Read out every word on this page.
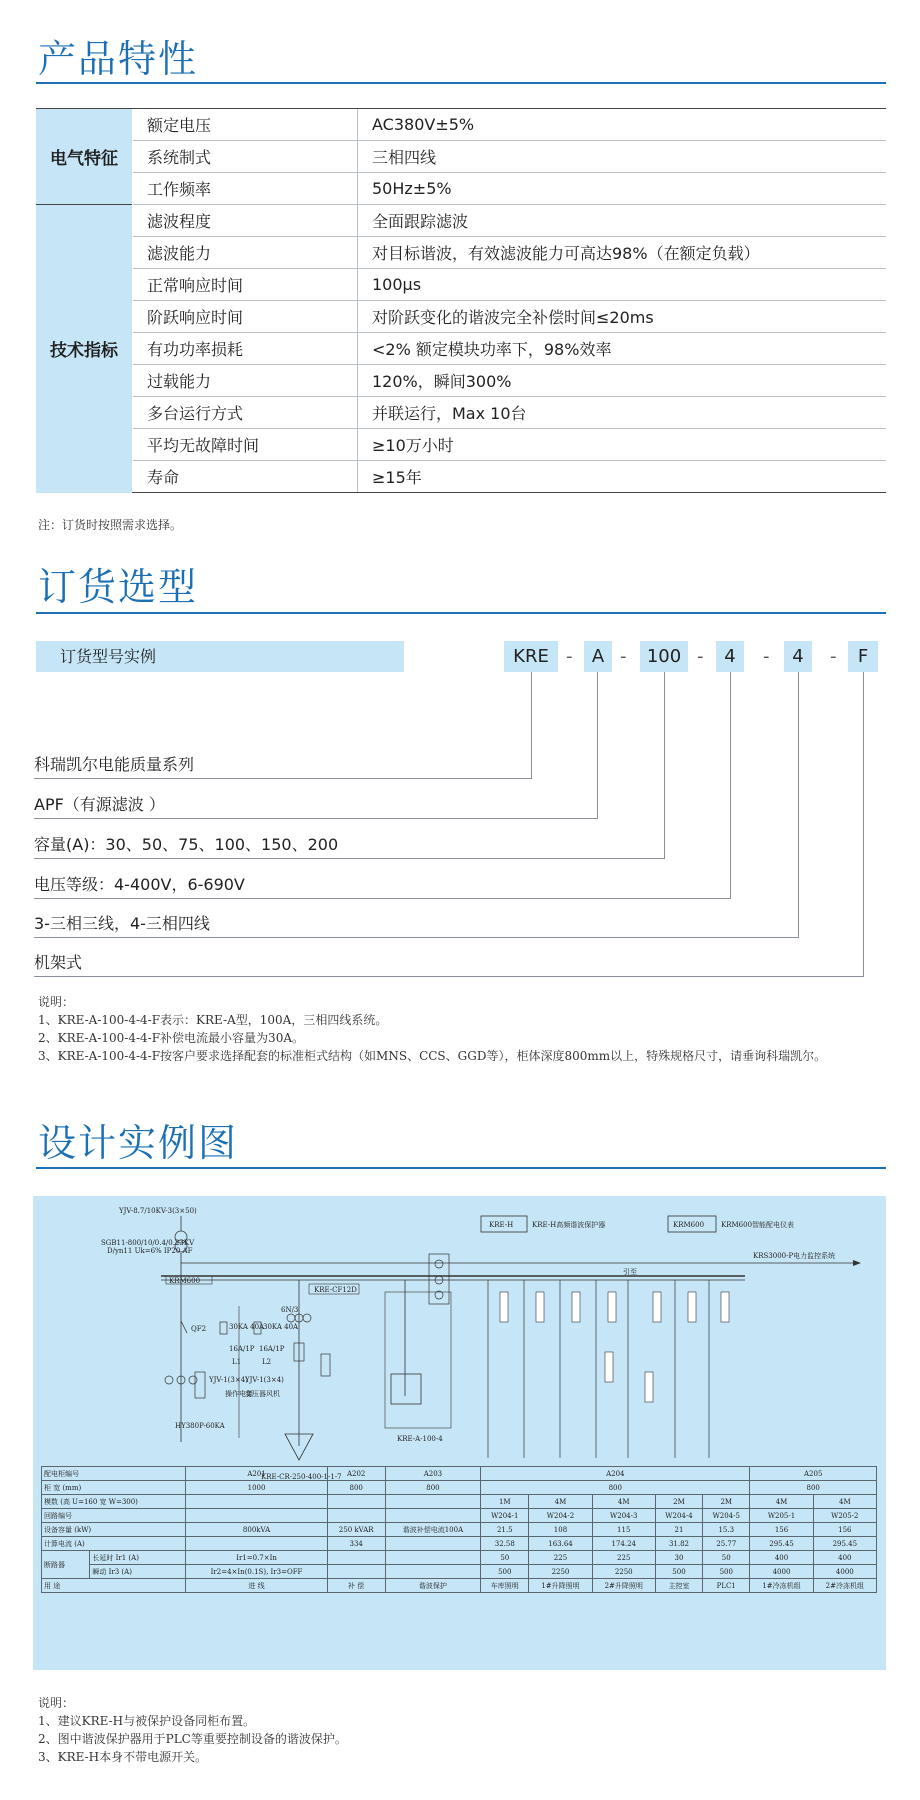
产品特性
电气特征	额定电压	AC380V±5%
	系统制式	三相四线
	工作频率	50Hz±5%
技术指标	滤波程度	全面跟踪滤波
	滤波能力	对目标谐波，有效滤波能力可高达98%（在额定负载）
	正常响应时间	100μs
	阶跃响应时间	对阶跃变化的谐波完全补偿时间≤20ms
	有功功率损耗	<2% 额定模块功率下，98%效率
	过载能力	120%，瞬间300%
	多台运行方式	并联运行，Max 10台
	平均无故障时间	≥10万小时
	寿命	≥15年
注：订货时按照需求选择。
订货选型
订货型号实例	KRE -	A -	100 -	4	-	4	-	F
科瑞凯尔电能质量系列
APF（有源滤波 ）
容量(A)：30、50、75、100、150、200
电压等级：4-400V，6-690V
3-三相三线，4-三相四线
机架式
说明：
1、KRE-A-100-4-4-F表示：KRE-A型，100A，三相四线系统。
2、KRE-A-100-4-4-F补偿电流最小容量为30A。
3、KRE-A-100-4-4-F按客户要求选择配套的标准柜式结构（如MNS、CCS、GGD等），柜体深度800mm以上，特殊规格尺寸，请垂询科瑞凯尔。
设计实例图
KRE-H	KRE-H高频谐波保护器	KRM600 KRM600智能配电仪表
KRS3000-P电力监控系统
YJV-8.7/10KV-3(3×50)
SGB11-800/10/0.4/0.23KV
D/yn11 Uk=6% IP20 AF
KRM600
KRE-CF12D
QF2
HY380P-60KA
30KA 40A
30KA 40A
16A/1P 16A/1P
L1	L2
YJV-1(3×4)
YJV-1(3×4)
操作电源
变压器风机
6N/3
KRE-CR-250-400-1-1-7
KRE-A-100-4
引至
配电柜编号		A201	A202	A203	A204					A205	
柜 宽 (mm)		1000	800	800	800					800	
模数 (高 U=160 宽 W=300)					1M	4M	4M	2M	2M	4M	4M
回路编号					W204-1	W204-2	W204-3	W204-4	W204-5	W205-1	W205-2
设备容量 (kW)		800kVA	250 kVAR	谐波补偿电流100A	21.5	108	115	21	15.3	156	156
计算电流 (A)			334		32.58	163.64	174.24	31.82	25.77	295.45	295.45
断路器	长延时 Ir1 (A)	Ir1=0.7×In			50	225	225	30	50	400	400
	瞬动 Ir3 (A)	Ir2=4×In(0.1S), Ir3=OFF			500	2250	2250	500	500	4000	4000
用 途		进 线	补 偿	谐波保护	车库照明	1#升降照明	2#升降照明	主控室	PLC1	1#冷冻机组	2#冷冻机组
说明：
1、建议KRE-H与被保护设备同柜布置。
2、图中谐波保护器用于PLC等重要控制设备的谐波保护。
3、KRE-H本身不带电源开关。
